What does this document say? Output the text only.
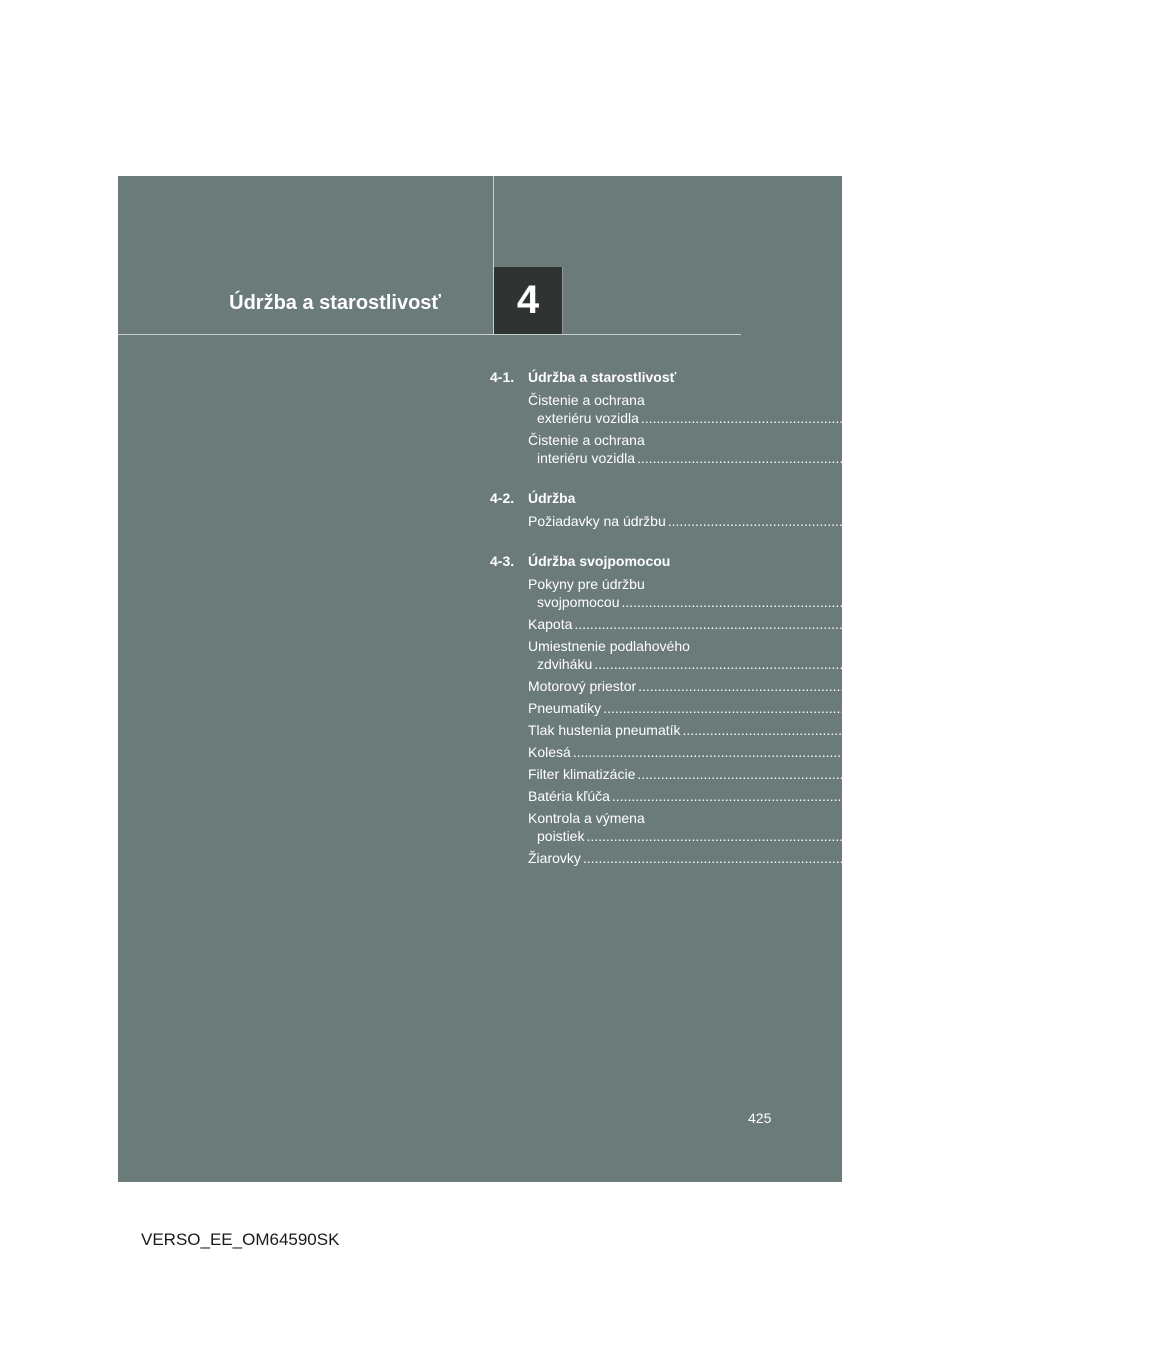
Údržba a starostlivosť	4
4-1. Údržba a starostlivosť
Čistenie a ochrana
exteriéru vozidla ........................................................................................................................ 426
Čistenie a ochrana
interiéru vozidla ........................................................................................................................ 430
4-2. Údržba
Požiadavky na údržbu ........................................................................................................................ 433
4-3. Údržba svojpomocou
Pokyny pre údržbu
svojpomocou ........................................................................................................................ 436
Kapota ........................................................................................................................ 440
Umiestnenie podlahového
zdviháku ........................................................................................................................ 442
Motorový priestor ........................................................................................................................ 444
Pneumatiky ........................................................................................................................ 461
Tlak hustenia pneumatík ........................................................................................................................ 473
Kolesá ........................................................................................................................ 475
Filter klimatizácie ........................................................................................................................ 478
Batéria kľúča ........................................................................................................................ 481
Kontrola a výmena
poistiek ........................................................................................................................ 485
Žiarovky ........................................................................................................................ 500
425
VERSO_EE_OM64590SK
